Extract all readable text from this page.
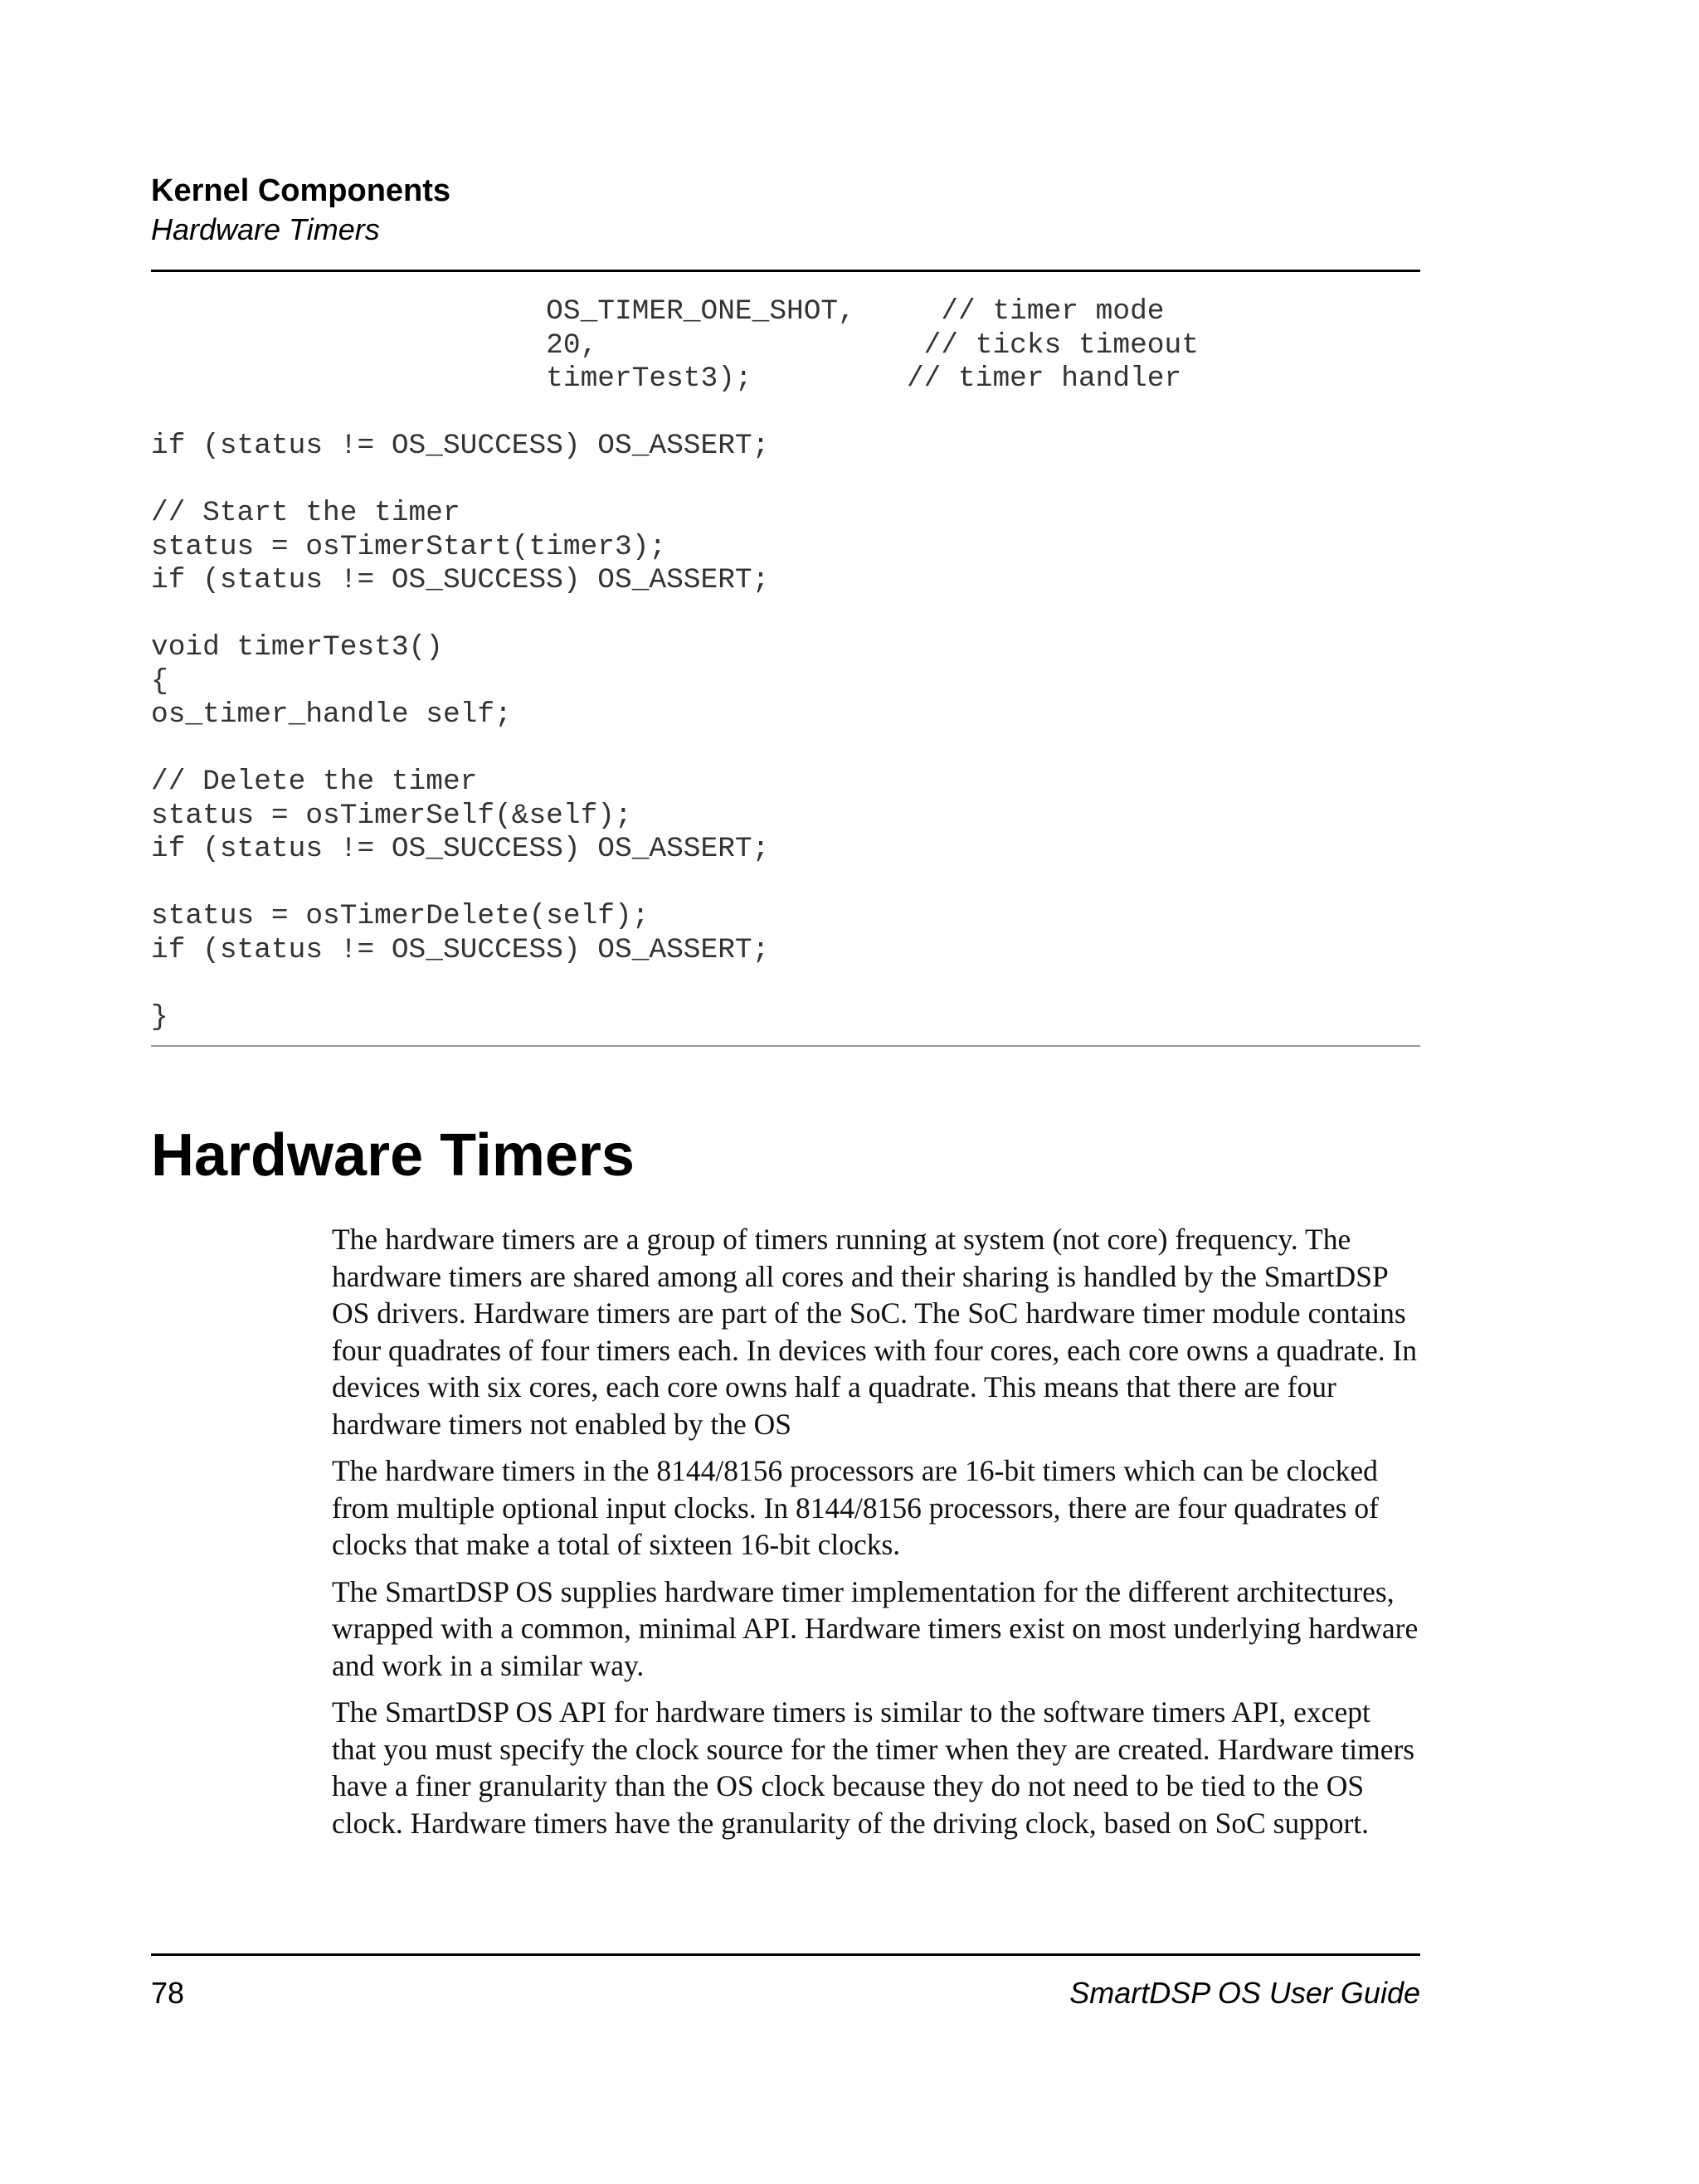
Kernel Components
Hardware Timers
OS_TIMER_ONE_SHOT,     // timer mode
20,                   // ticks timeout
timerTest3);         // timer handler
if (status != OS_SUCCESS) OS_ASSERT;
// Start the timer
status = osTimerStart(timer3);
if (status != OS_SUCCESS) OS_ASSERT;
void timerTest3()
{
os_timer_handle self;
// Delete the timer
status = osTimerSelf(&self);
if (status != OS_SUCCESS) OS_ASSERT;
status = osTimerDelete(self);
if (status != OS_SUCCESS) OS_ASSERT;
}
Hardware Timers

The hardware timers are a group of timers running at system (not core) frequency. The hardware timers are shared among all cores and their sharing is handled by the SmartDSP OS drivers. Hardware timers are part of the SoC. The SoC hardware timer module contains four quadrates of four timers each. In devices with four cores, each core owns a quadrate. In devices with six cores, each core owns half a quadrate. This means that there are four hardware timers not enabled by the OS

The hardware timers in the 8144/8156 processors are 16-bit timers which can be clocked from multiple optional input clocks. In 8144/8156 processors, there are four quadrates of clocks that make a total of sixteen 16-bit clocks.

The SmartDSP OS supplies hardware timer implementation for the different architectures, wrapped with a common, minimal API. Hardware timers exist on most underlying hardware and work in a similar way.

The SmartDSP OS API for hardware timers is similar to the software timers API, except that you must specify the clock source for the timer when they are created. Hardware timers have a finer granularity than the OS clock because they do not need to be tied to the OS clock. Hardware timers have the granularity of the driving clock, based on SoC support.

78	SmartDSP OS User Guide
